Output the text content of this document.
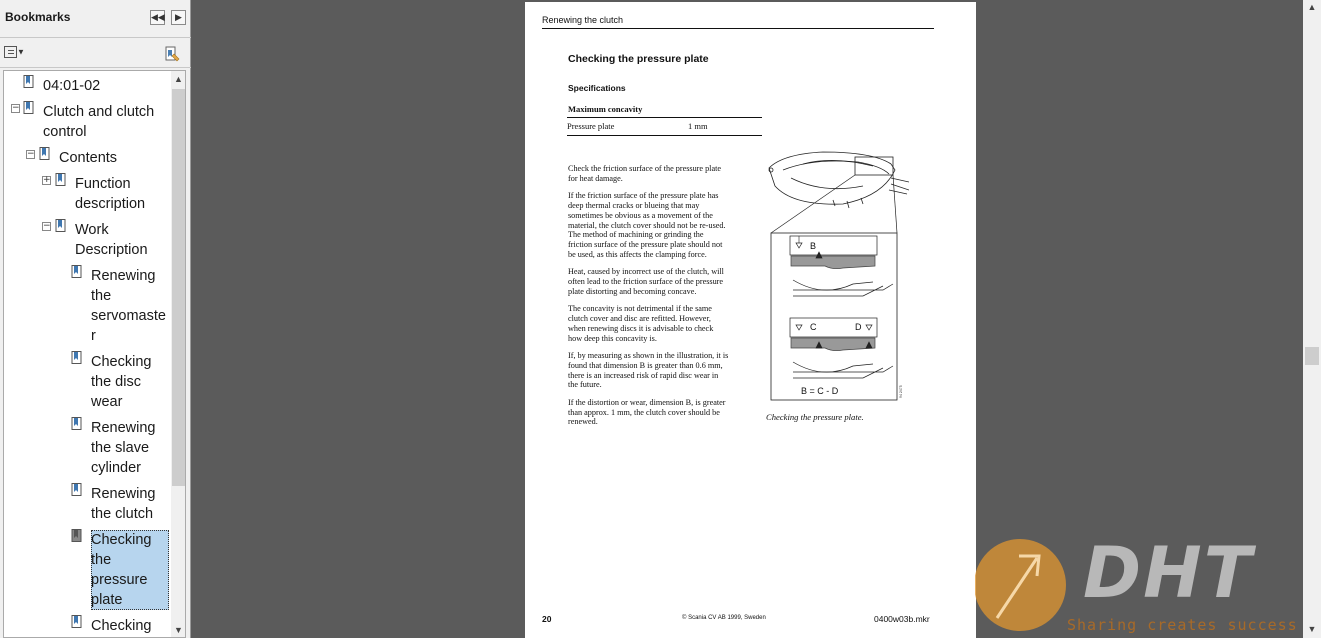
Bookmarks	◀◀	▶
▼
04:01-02
− Clutch and clutch
control
− Contents
+ Function
description
− Work
Description
Renewing
the
servomaste
r
Checking
the disc
wear
Renewing
the slave
cylinder
Renewing
the clutch
Checking
the
pressure
plate
Checking
▲
▼
Renewing the clutch
Checking the pressure plate
Specifications
Maximum concavity
Pressure plate	1 mm

Check the friction surface of the pressure plate
for heat damage.

If the friction surface of the pressure plate has
deep thermal cracks or blueing that may
sometimes be obvious as a movement of the
material, the clutch cover should not be re-used.
The method of machining or grinding the
friction surface of the pressure plate should not
be used, as this affects the clamping force.

Heat, caused by incorrect use of the clutch, will
often lead to the friction surface of the pressure
plate distorting and becoming concave.

The concavity is not detrimental if the same
clutch cover and disc are refitted. However,
when renewing discs it is advisable to check
how deep this concavity is.

If, by measuring as shown in the illustration, it is
found that dimension B is greater than 0.6 mm,
there is an increased risk of rapid disc wear in
the future.

If the distortion or wear, dimension B, is greater
than approx. 1 mm, the clutch cover should be
renewed.

B
C	D
B = C - D	94 2475
Checking the pressure plate.
20	© Scania CV AB 1999, Sweden	0400w03b.mkr
▲
▼
DHT
Sharing creates success
